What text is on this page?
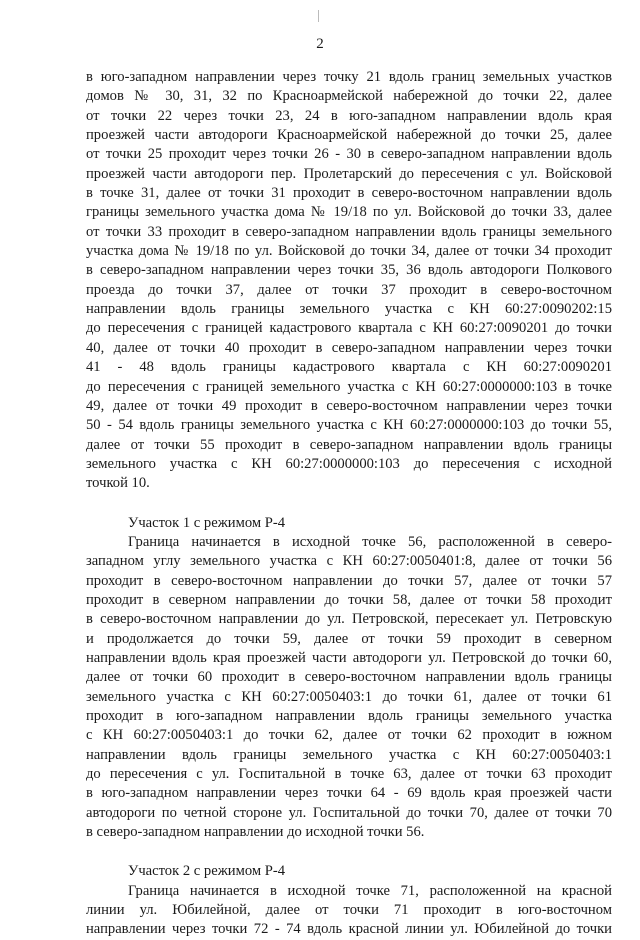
2
в юго-западном направлении через точку 21 вдоль границ земельных участков
домов № 30, 31, 32 по Красноармейской набережной до точки 22, далее
от точки 22 через точки 23, 24 в юго-западном направлении вдоль края
проезжей части автодороги Красноармейской набережной до точки 25, далее
от точки 25 проходит через точки 26 - 30 в северо-западном направлении вдоль
проезжей части автодороги пер. Пролетарский до пересечения с ул. Войсковой
в точке 31, далее от точки 31 проходит в северо-восточном направлении вдоль
границы земельного участка дома № 19/18 по ул. Войсковой до точки 33, далее
от точки 33 проходит в северо-западном направлении вдоль границы земельного
участка дома № 19/18 по ул. Войсковой до точки 34, далее от точки 34 проходит
в северо-западном направлении через точки 35, 36 вдоль автодороги Полкового
проезда до точки 37, далее от точки 37 проходит в северо-восточном
направлении вдоль границы земельного участка с КН 60:27:0090202:15
до пересечения с границей кадастрового квартала с КН 60:27:0090201 до точки
40, далее от точки 40 проходит в северо-западном направлении через точки
41 - 48 вдоль границы кадастрового квартала с КН 60:27:0090201
до пересечения с границей земельного участка с КН 60:27:0000000:103 в точке
49, далее от точки 49 проходит в северо-восточном направлении через точки
50 - 54 вдоль границы земельного участка с КН 60:27:0000000:103 до точки 55,
далее от точки 55 проходит в северо-западном направлении вдоль границы
земельного участка с КН 60:27:0000000:103 до пересечения с исходной
точкой 10.
Участок 1 с режимом Р-4
Граница начинается в исходной точке 56, расположенной в северо-
западном углу земельного участка с КН 60:27:0050401:8, далее от точки 56
проходит в северо-восточном направлении до точки 57, далее от точки 57
проходит в северном направлении до точки 58, далее от точки 58 проходит
в северо-восточном направлении до ул. Петровской, пересекает ул. Петровскую
и продолжается до точки 59, далее от точки 59 проходит в северном
направлении вдоль края проезжей части автодороги ул. Петровской до точки 60,
далее от точки 60 проходит в северо-восточном направлении вдоль границы
земельного участка с КН 60:27:0050403:1 до точки 61, далее от точки 61
проходит в юго-западном направлении вдоль границы земельного участка
с КН 60:27:0050403:1 до точки 62, далее от точки 62 проходит в южном
направлении вдоль границы земельного участка с КН 60:27:0050403:1
до пересечения с ул. Госпитальной в точке 63, далее от точки 63 проходит
в юго-западном направлении через точки 64 - 69 вдоль края проезжей части
автодороги по четной стороне ул. Госпитальной до точки 70, далее от точки 70
в северо-западном направлении до исходной точки 56.
Участок 2 с режимом Р-4
Граница начинается в исходной точке 71, расположенной на красной
линии ул. Юбилейной, далее от точки 71 проходит в юго-восточном
направлении через точки 72 - 74 вдоль красной линии ул. Юбилейной до точки
